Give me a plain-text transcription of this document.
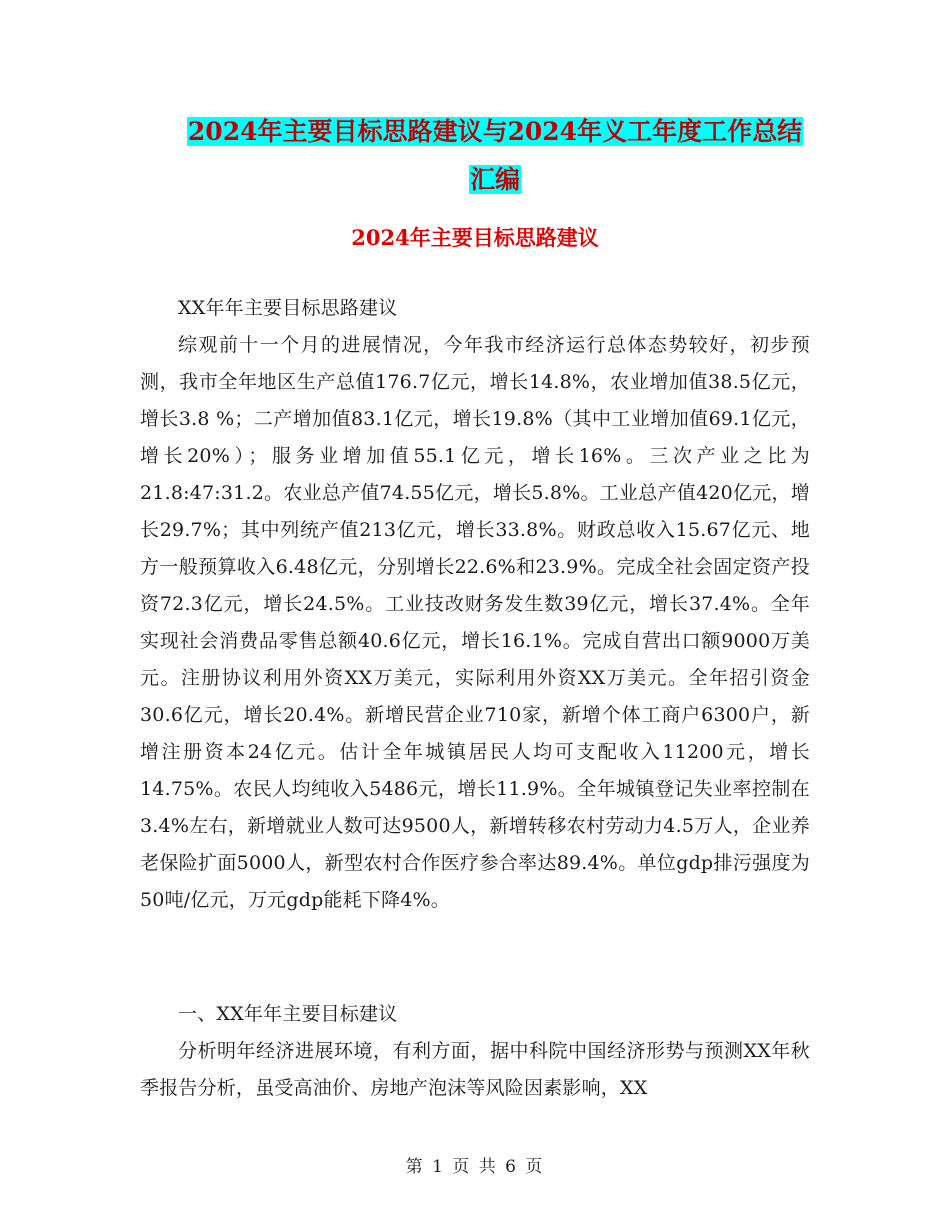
2024年主要目标思路建议与2024年义工年度工作总结
汇编
2024年主要目标思路建议

XX年年主要目标思路建议

综观前十一个月的进展情况，今年我市经济运行总体态势较好，初步预测，我市全年地区生产总值176.7亿元，增长14.8%，农业增加值38.5亿元，增长3.8 %；二产增加值83.1亿元，增长19.8%（其中工业增加值69.1亿元，增长20%）；服务业增加值55.1亿元，增长16%。三次产业之比为21.8:47:31.2。农业总产值74.55亿元，增长5.8%。工业总产值420亿元，增长29.7%；其中列统产值213亿元，增长33.8%。财政总收入15.67亿元、地方一般预算收入6.48亿元，分别增长22.6%和23.9%。完成全社会固定资产投资72.3亿元，增长24.5%。工业技改财务发生数39亿元，增长37.4%。全年实现社会消费品零售总额40.6亿元，增长16.1%。完成自营出口额9000万美元。注册协议利用外资XX万美元，实际利用外资XX万美元。全年招引资金30.6亿元，增长20.4%。新增民营企业710家，新增个体工商户6300户，新增注册资本24亿元。估计全年城镇居民人均可支配收入11200元，增长14.75%。农民人均纯收入5486元，增长11.9%。全年城镇登记失业率控制在3.4%左右，新增就业人数可达9500人，新增转移农村劳动力4.5万人，企业养老保险扩面5000人，新型农村合作医疗参合率达89.4%。单位gdp排污强度为50吨/亿元，万元gdp能耗下降4%。

一、XX年年主要目标建议

分析明年经济进展环境，有利方面，据中科院中国经济形势与预测XX年秋季报告分析，虽受高油价、房地产泡沫等风险因素影响，XX

第 1 页 共 6 页
